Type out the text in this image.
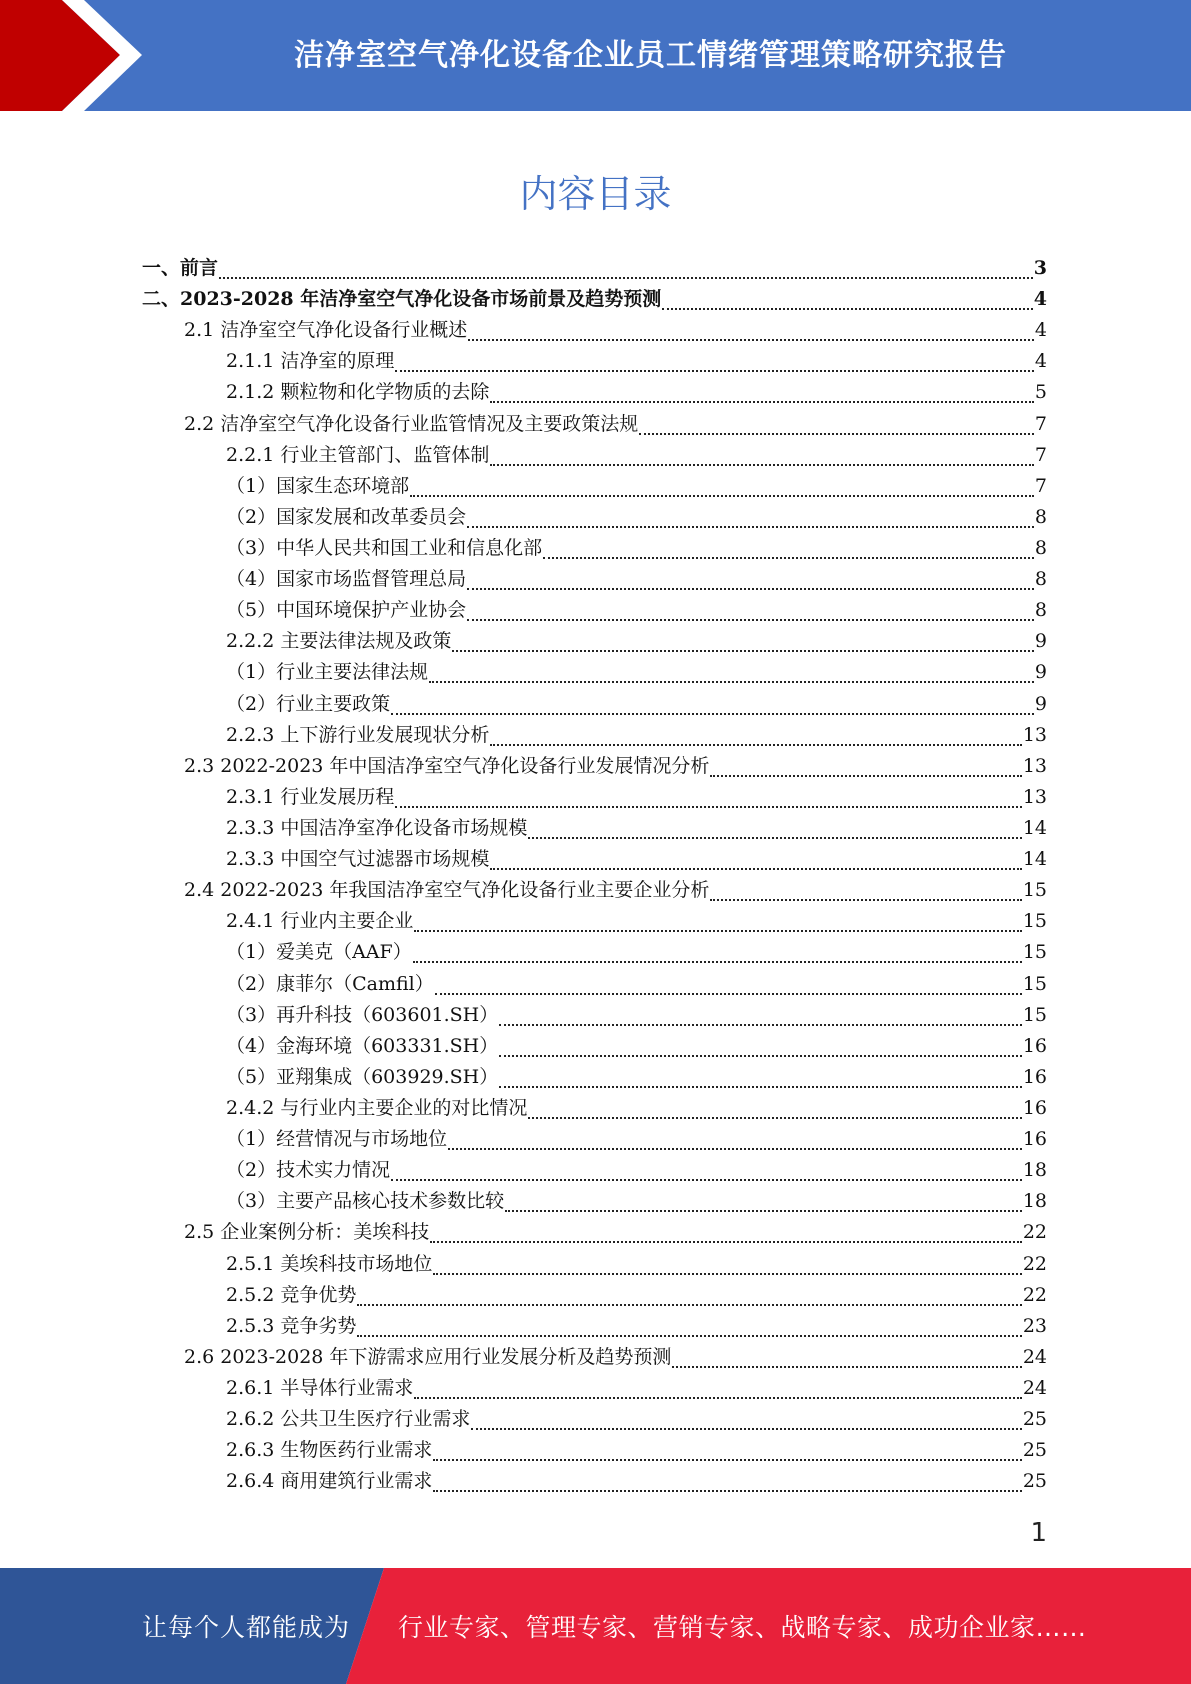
洁净室空气净化设备企业员工情绪管理策略研究报告
内容目录
一、前言	3
二、2023-2028 年洁净室空气净化设备市场前景及趋势预测	4
2.1 洁净室空气净化设备行业概述	4
2.1.1 洁净室的原理	4
2.1.2 颗粒物和化学物质的去除	5
2.2 洁净室空气净化设备行业监管情况及主要政策法规	7
2.2.1 行业主管部门、监管体制	7
（1）国家生态环境部	7
（2）国家发展和改革委员会	8
（3）中华人民共和国工业和信息化部	8
（4）国家市场监督管理总局	8
（5）中国环境保护产业协会	8
2.2.2 主要法律法规及政策	9
（1）行业主要法律法规	9
（2）行业主要政策	9
2.2.3 上下游行业发展现状分析	13
2.3 2022-2023 年中国洁净室空气净化设备行业发展情况分析	13
2.3.1 行业发展历程	13
2.3.3 中国洁净室净化设备市场规模	14
2.3.3 中国空气过滤器市场规模	14
2.4 2022-2023 年我国洁净室空气净化设备行业主要企业分析	15
2.4.1 行业内主要企业	15
（1）爱美克（AAF）	15
（2）康菲尔（Camfil）	15
（3）再升科技（603601.SH）	15
（4）金海环境（603331.SH）	16
（5）亚翔集成（603929.SH）	16
2.4.2 与行业内主要企业的对比情况	16
（1）经营情况与市场地位	16
（2）技术实力情况	18
（3）主要产品核心技术参数比较	18
2.5 企业案例分析：美埃科技	22
2.5.1 美埃科技市场地位	22
2.5.2 竞争优势	22
2.5.3 竞争劣势	23
2.6 2023-2028 年下游需求应用行业发展分析及趋势预测	24
2.6.1 半导体行业需求	24
2.6.2 公共卫生医疗行业需求	25
2.6.3 生物医药行业需求	25
2.6.4 商用建筑行业需求	25
1
让每个人都能成为 行业专家、管理专家、营销专家、战略专家、成功企业家……
